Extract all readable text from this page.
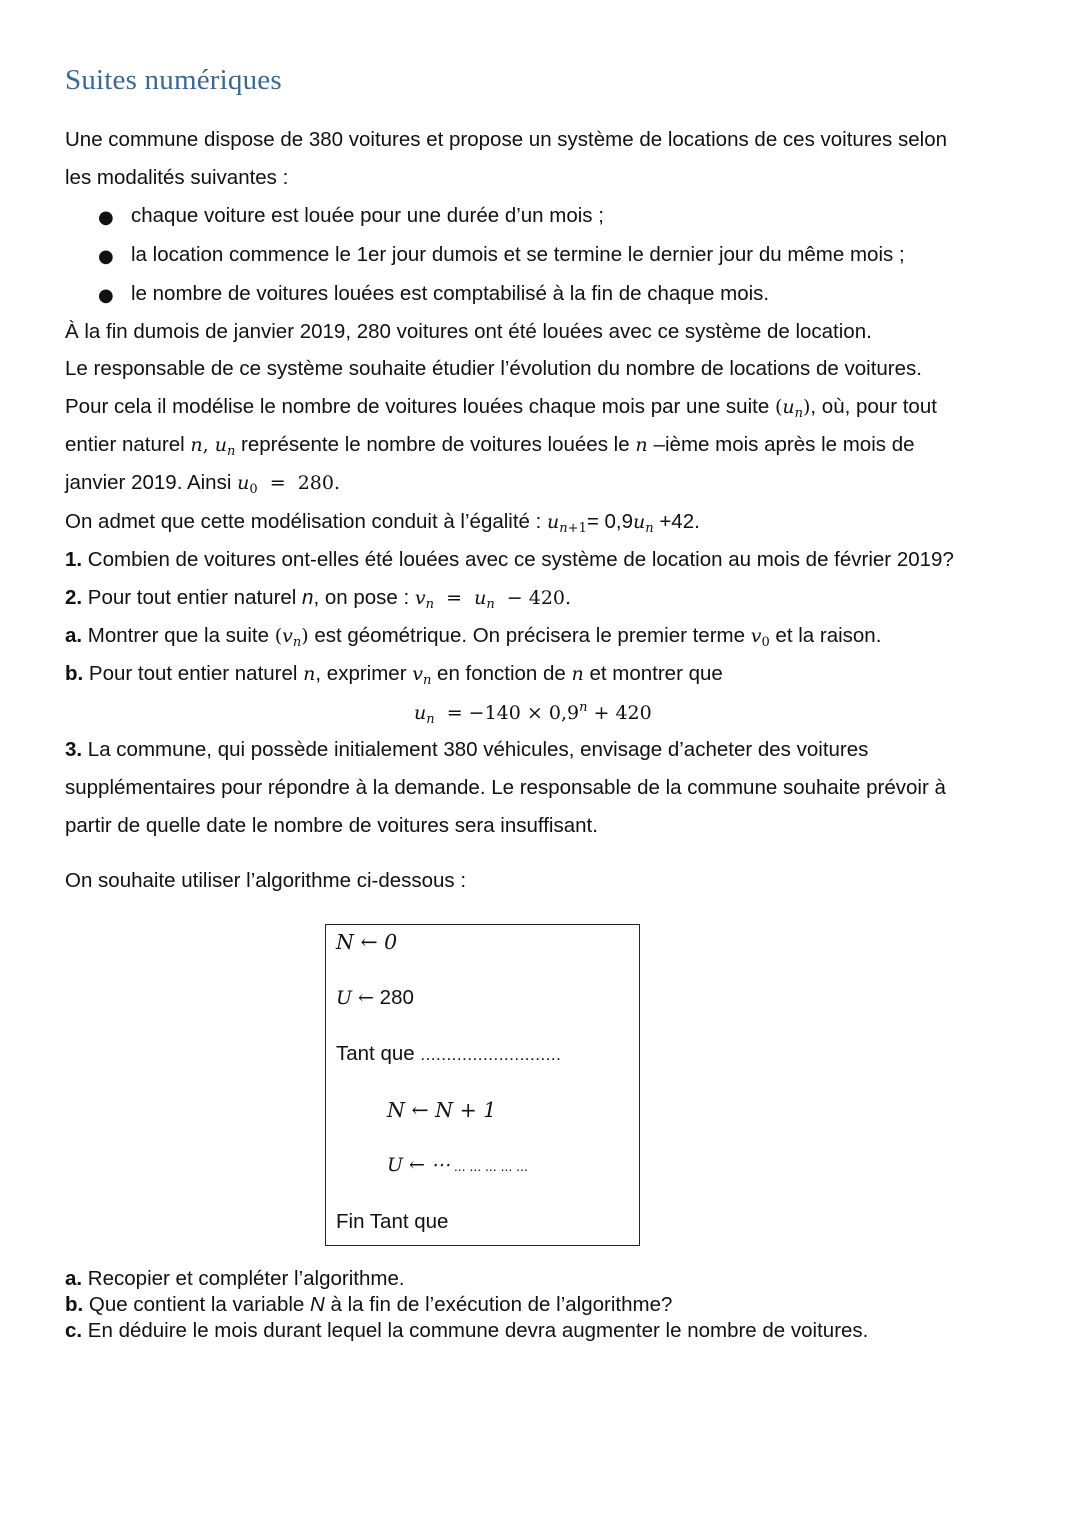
Suites numériques
Une commune dispose de 380 voitures et propose un système de locations de ces voitures selon
les modalités suivantes :
● chaque voiture est louée pour une durée d’un mois ;
● la location commence le 1er jour dumois et se termine le dernier jour du même mois ;
● le nombre de voitures louées est comptabilisé à la fin de chaque mois.
À la fin dumois de janvier 2019, 280 voitures ont été louées avec ce système de location.
Le responsable de ce système souhaite étudier l’évolution du nombre de locations de voitures.
Pour cela il modélise le nombre de voitures louées chaque mois par une suite $(u_n)$, où, pour tout
entier naturel n, $u_n$ représente le nombre de voitures louées le n –ième mois après le mois de
janvier 2019. Ainsi $u_0 = 280$.
On admet que cette modélisation conduit à l’égalité : $u_{n+1}= 0,9u_n +42$.
1. Combien de voitures ont-elles été louées avec ce système de location au mois de février 2019?
2. Pour tout entier naturel n, on pose : $v_n = u_n - 420$.
a. Montrer que la suite $(v_n)$ est géométrique. On précisera le premier terme $v_0$ et la raison.
b. Pour tout entier naturel n, exprimer $v_n$ en fonction de n et montrer que
$u_n = -140 \times 0,9^n + 420$
3. La commune, qui possède initialement 380 véhicules, envisage d’acheter des voitures
supplémentaires pour répondre à la demande. Le responsable de la commune souhaite prévoir à
partir de quelle date le nombre de voitures sera insuffisant.
On souhaite utiliser l’algorithme ci-dessous :
N ← 0
U ← 280
Tant que ...........................
N ← N + 1
U ← ⋯ ... ... ... ... ...
Fin Tant que
a. Recopier et compléter l’algorithme.
b. Que contient la variable N à la fin de l’exécution de l’algorithme?
c. En déduire le mois durant lequel la commune devra augmenter le nombre de voitures.
